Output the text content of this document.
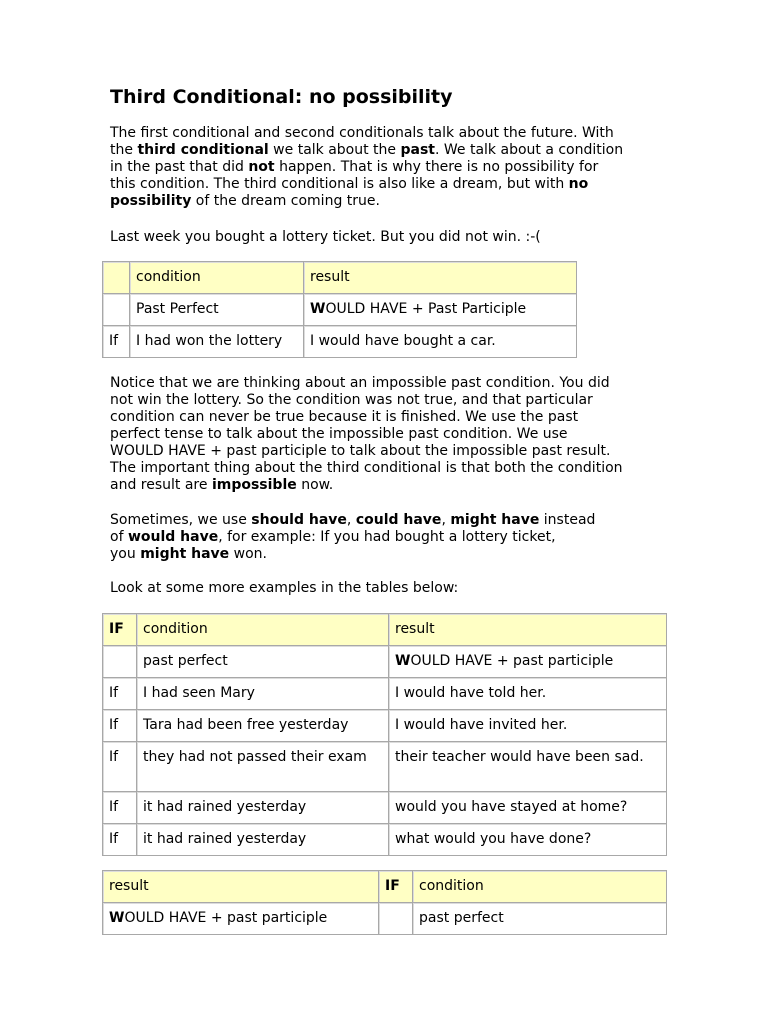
Third Conditional: no possibility
The first conditional and second conditionals talk about the future. With
the third conditional we talk about the past. We talk about a condition
in the past that did not happen. That is why there is no possibility for
this condition. The third conditional is also like a dream, but with no
possibility of the dream coming true.

Last week you bought a lottery ticket. But you did not win. :-(

	condition	result
	Past Perfect	WOULD HAVE + Past Participle
If	I had won the lottery	I would have bought a car.
Notice that we are thinking about an impossible past condition. You did
not win the lottery. So the condition was not true, and that particular
condition can never be true because it is finished. We use the past
perfect tense to talk about the impossible past condition. We use
WOULD HAVE + past participle to talk about the impossible past result.
The important thing about the third conditional is that both the condition
and result are impossible now.
Sometimes, we use should have, could have, might have instead
of would have, for example: If you had bought a lottery ticket,
you might have won.

Look at some more examples in the tables below:

IF	condition	result
	past perfect	WOULD HAVE + past participle
If	I had seen Mary	I would have told her.
If	Tara had been free yesterday	I would have invited her.
If	they had not passed their exam	their teacher would have been sad.
If	it had rained yesterday	would you have stayed at home?
If	it had rained yesterday	what would you have done?
result	IF	condition
WOULD HAVE + past participle		past perfect
